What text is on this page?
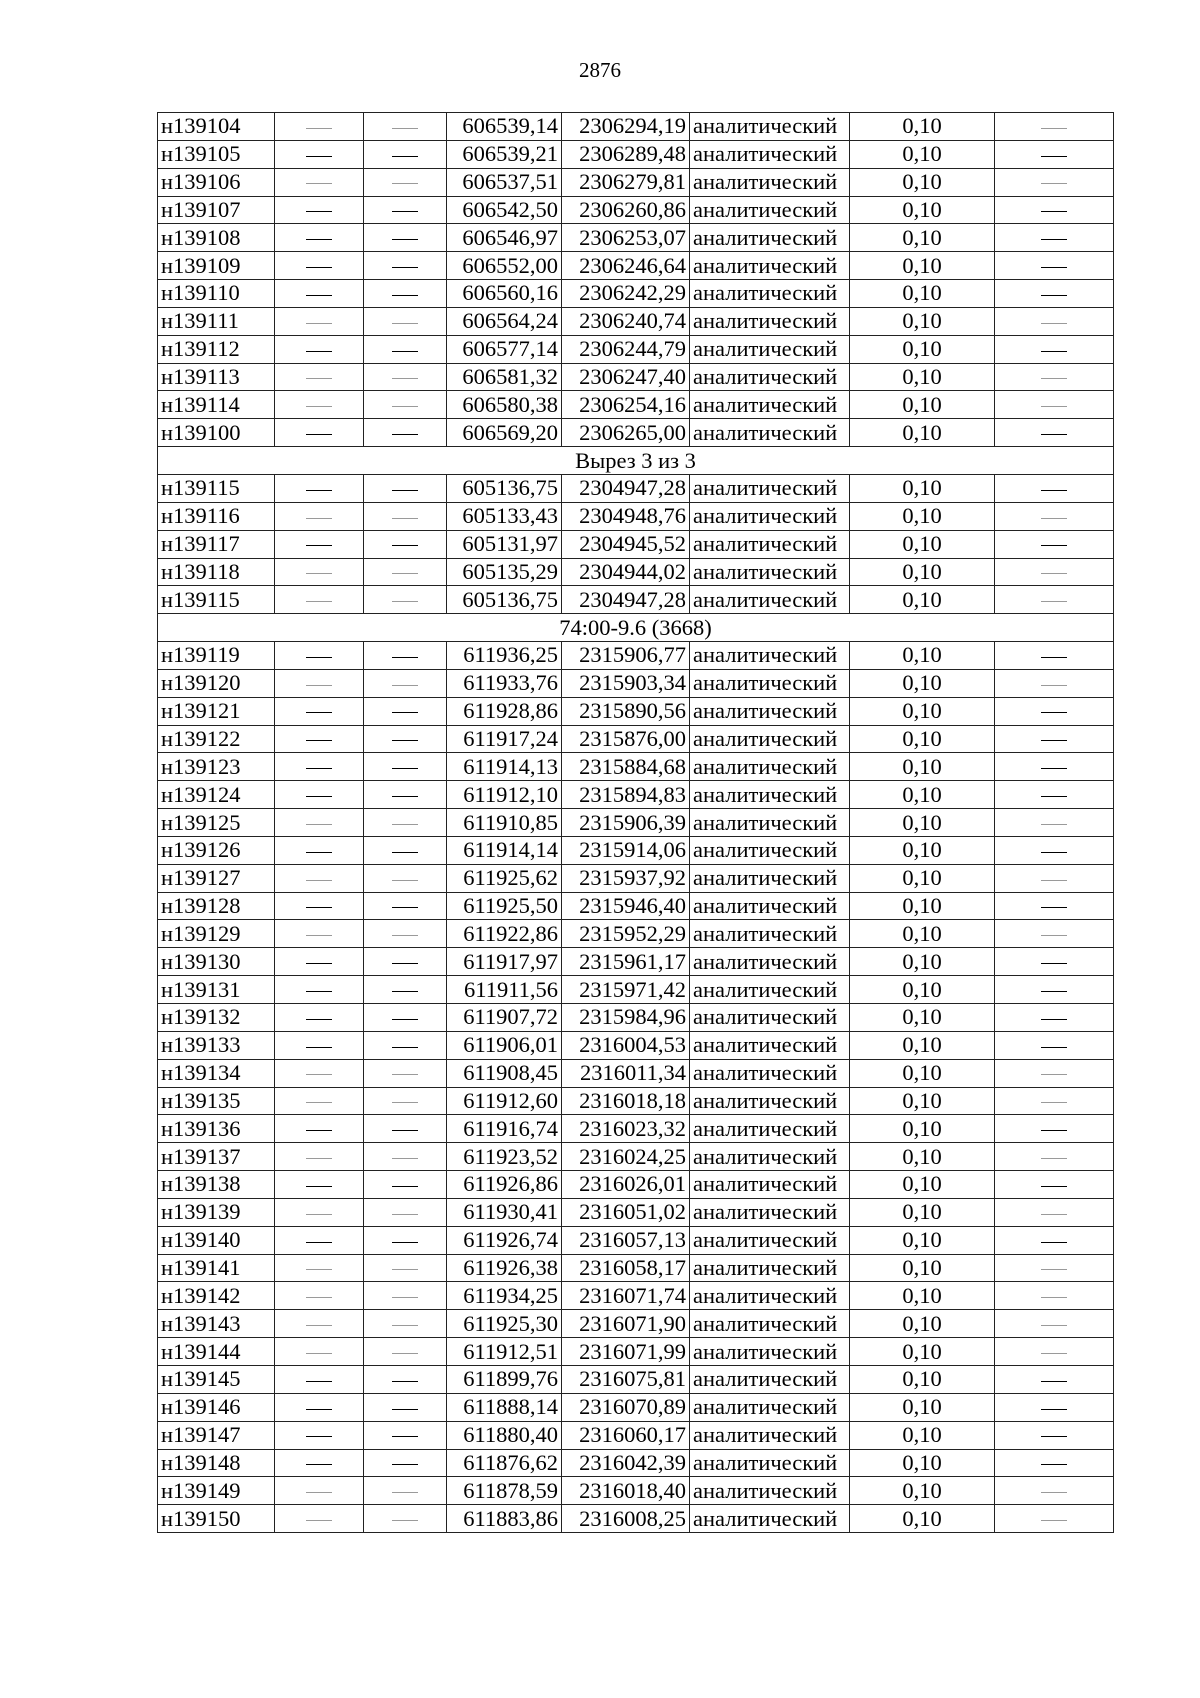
2876
н139104			606539,14	2306294,19	аналитический	0,10	
н139105			606539,21	2306289,48	аналитический	0,10	
н139106			606537,51	2306279,81	аналитический	0,10	
н139107			606542,50	2306260,86	аналитический	0,10	
н139108			606546,97	2306253,07	аналитический	0,10	
н139109			606552,00	2306246,64	аналитический	0,10	
н139110			606560,16	2306242,29	аналитический	0,10	
н139111			606564,24	2306240,74	аналитический	0,10	
н139112			606577,14	2306244,79	аналитический	0,10	
н139113			606581,32	2306247,40	аналитический	0,10	
н139114			606580,38	2306254,16	аналитический	0,10	
н139100			606569,20	2306265,00	аналитический	0,10	
Вырез 3 из 3							
н139115			605136,75	2304947,28	аналитический	0,10	
н139116			605133,43	2304948,76	аналитический	0,10	
н139117			605131,97	2304945,52	аналитический	0,10	
н139118			605135,29	2304944,02	аналитический	0,10	
н139115			605136,75	2304947,28	аналитический	0,10	
74:00-9.6 (3668)							
н139119			611936,25	2315906,77	аналитический	0,10	
н139120			611933,76	2315903,34	аналитический	0,10	
н139121			611928,86	2315890,56	аналитический	0,10	
н139122			611917,24	2315876,00	аналитический	0,10	
н139123			611914,13	2315884,68	аналитический	0,10	
н139124			611912,10	2315894,83	аналитический	0,10	
н139125			611910,85	2315906,39	аналитический	0,10	
н139126			611914,14	2315914,06	аналитический	0,10	
н139127			611925,62	2315937,92	аналитический	0,10	
н139128			611925,50	2315946,40	аналитический	0,10	
н139129			611922,86	2315952,29	аналитический	0,10	
н139130			611917,97	2315961,17	аналитический	0,10	
н139131			611911,56	2315971,42	аналитический	0,10	
н139132			611907,72	2315984,96	аналитический	0,10	
н139133			611906,01	2316004,53	аналитический	0,10	
н139134			611908,45	2316011,34	аналитический	0,10	
н139135			611912,60	2316018,18	аналитический	0,10	
н139136			611916,74	2316023,32	аналитический	0,10	
н139137			611923,52	2316024,25	аналитический	0,10	
н139138			611926,86	2316026,01	аналитический	0,10	
н139139			611930,41	2316051,02	аналитический	0,10	
н139140			611926,74	2316057,13	аналитический	0,10	
н139141			611926,38	2316058,17	аналитический	0,10	
н139142			611934,25	2316071,74	аналитический	0,10	
н139143			611925,30	2316071,90	аналитический	0,10	
н139144			611912,51	2316071,99	аналитический	0,10	
н139145			611899,76	2316075,81	аналитический	0,10	
н139146			611888,14	2316070,89	аналитический	0,10	
н139147			611880,40	2316060,17	аналитический	0,10	
н139148			611876,62	2316042,39	аналитический	0,10	
н139149			611878,59	2316018,40	аналитический	0,10	
н139150			611883,86	2316008,25	аналитический	0,10	
